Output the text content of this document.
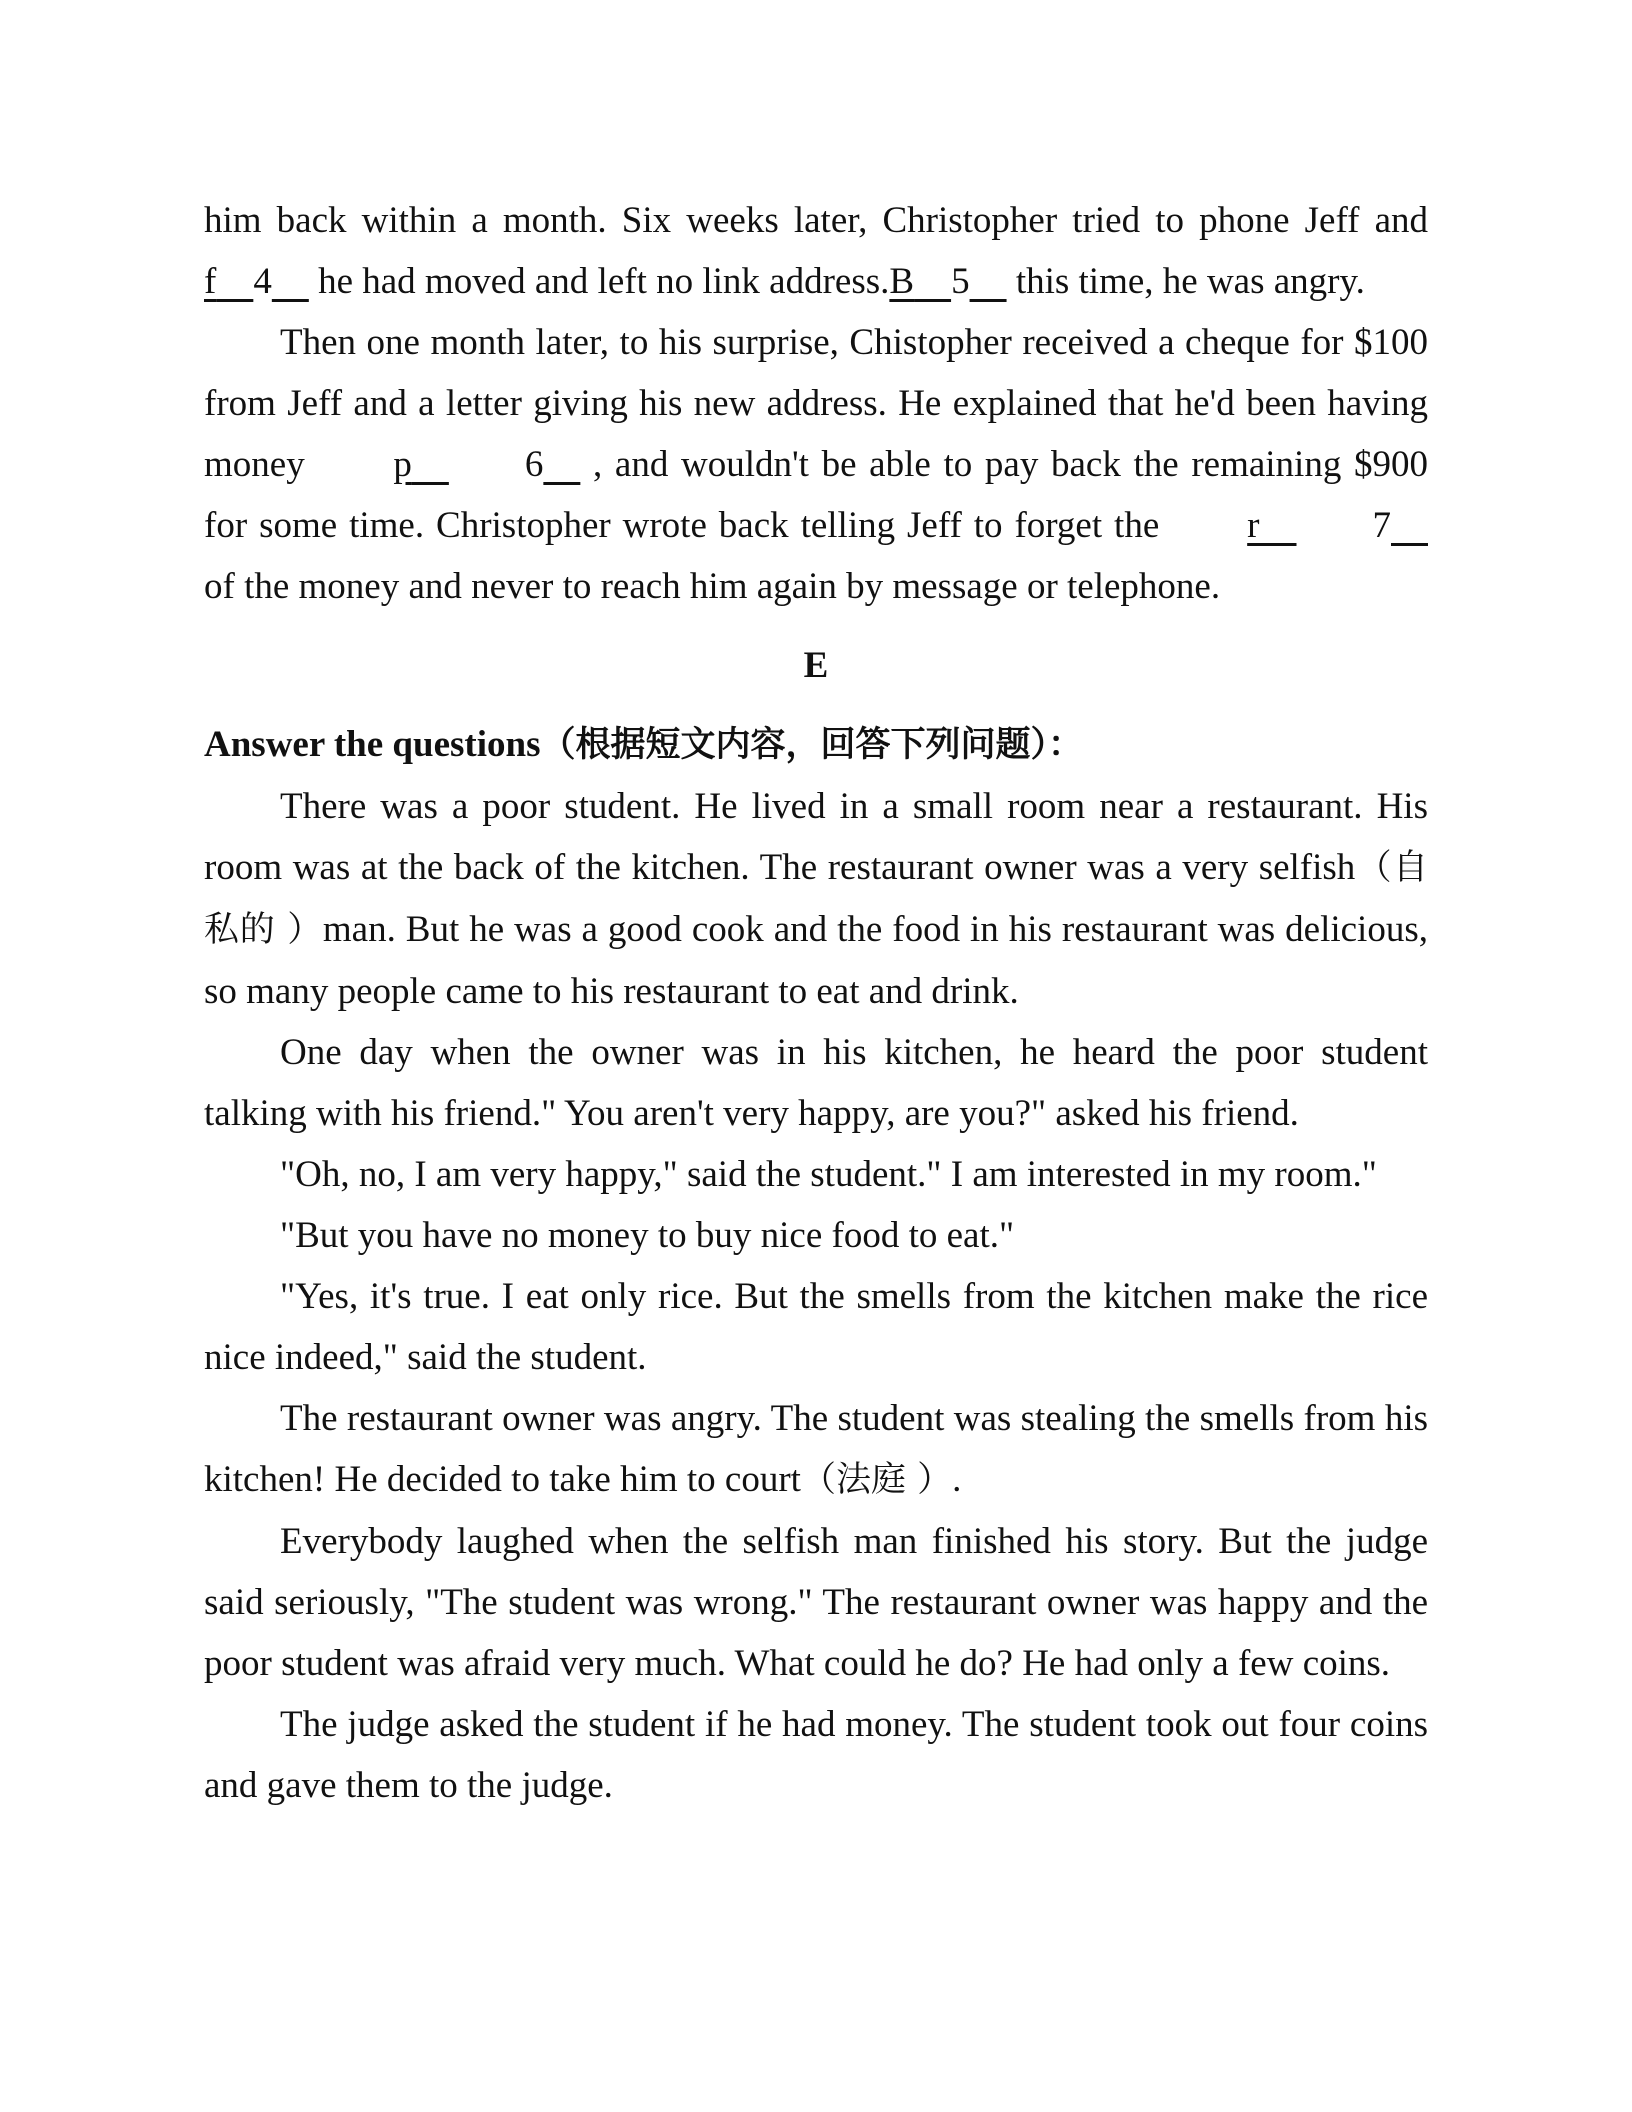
him back within a month. Six weeks later, Christopher tried to phone Jeff and f 4     he had moved and left no link address.B 5     this time, he was angry.

Then one month later, to his surprise, Chistopher received a cheque for $100 from Jeff and a letter giving his new address. He explained that he'd been having money p	6     , and wouldn't be able to pay back the remaining $900 for some time. Christopher wrote back telling Jeff to forget the r	7     of the money and never to reach him again by message or telephone.

E

Answer the questions（根据短文内容，回答下列问题）：

There was a poor student. He lived in a small room near a restaurant. His room was at the back of the kitchen. The restaurant owner was a very selfish（自私的 ）man. But he was a good cook and the food in his restaurant was delicious, so many people came to his restaurant to eat and drink.

One day when the owner was in his kitchen, he heard the poor student talking with his friend." You aren't very happy, are you?" asked his friend.

"Oh, no, I am very happy," said the student." I am interested in my room."

"But you have no money to buy nice food to eat."

"Yes, it's true. I eat only rice. But the smells from the kitchen make the rice nice indeed," said the student.

The restaurant owner was angry. The student was stealing the smells from his kitchen! He decided to take him to court（法庭 ）.

Everybody laughed when the selfish man finished his story. But the judge said seriously, "The student was wrong." The restaurant owner was happy and the poor student was afraid very much. What could he do? He had only a few coins.

The judge asked the student if he had money. The student took out four coins and gave them to the judge.
